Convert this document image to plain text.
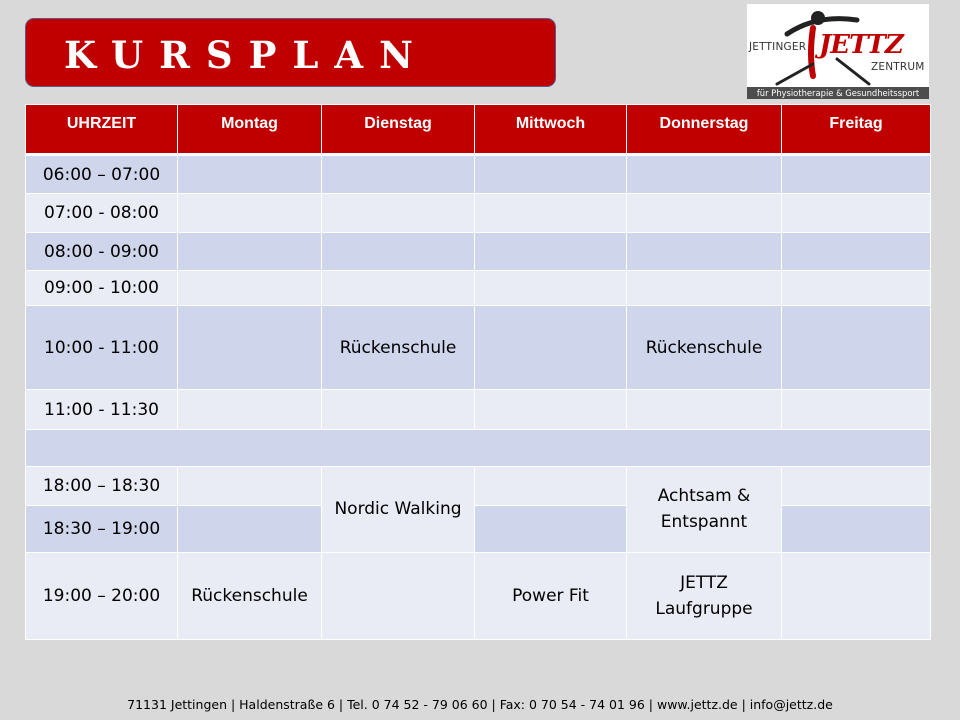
KURSPLAN	JETTINGER JETTZ
ZENTRUM
für Physiotherapie & Gesundheitssport
UHRZEIT	Montag	Dienstag	Mittwoch	Donnerstag	Freitag
06:00 – 07:00					
07:00 - 08:00					
08:00 - 09:00					
09:00 - 10:00					
10:00 - 11:00		Rückenschule		Rückenschule	
11:00 - 11:30					

18:00 – 18:30		Nordic Walking		Achtsam &
Entspannt	

18:30 – 19:00					
19:00 – 20:00	Rückenschule		Power Fit	JETTZ
Laufgruppe	

71131 Jettingen | Haldenstraße 6 | Tel. 0 74 52 - 79 06 60 | Fax: 0 70 54 - 74 01 96 | www.jettz.de | info@jettz.de
